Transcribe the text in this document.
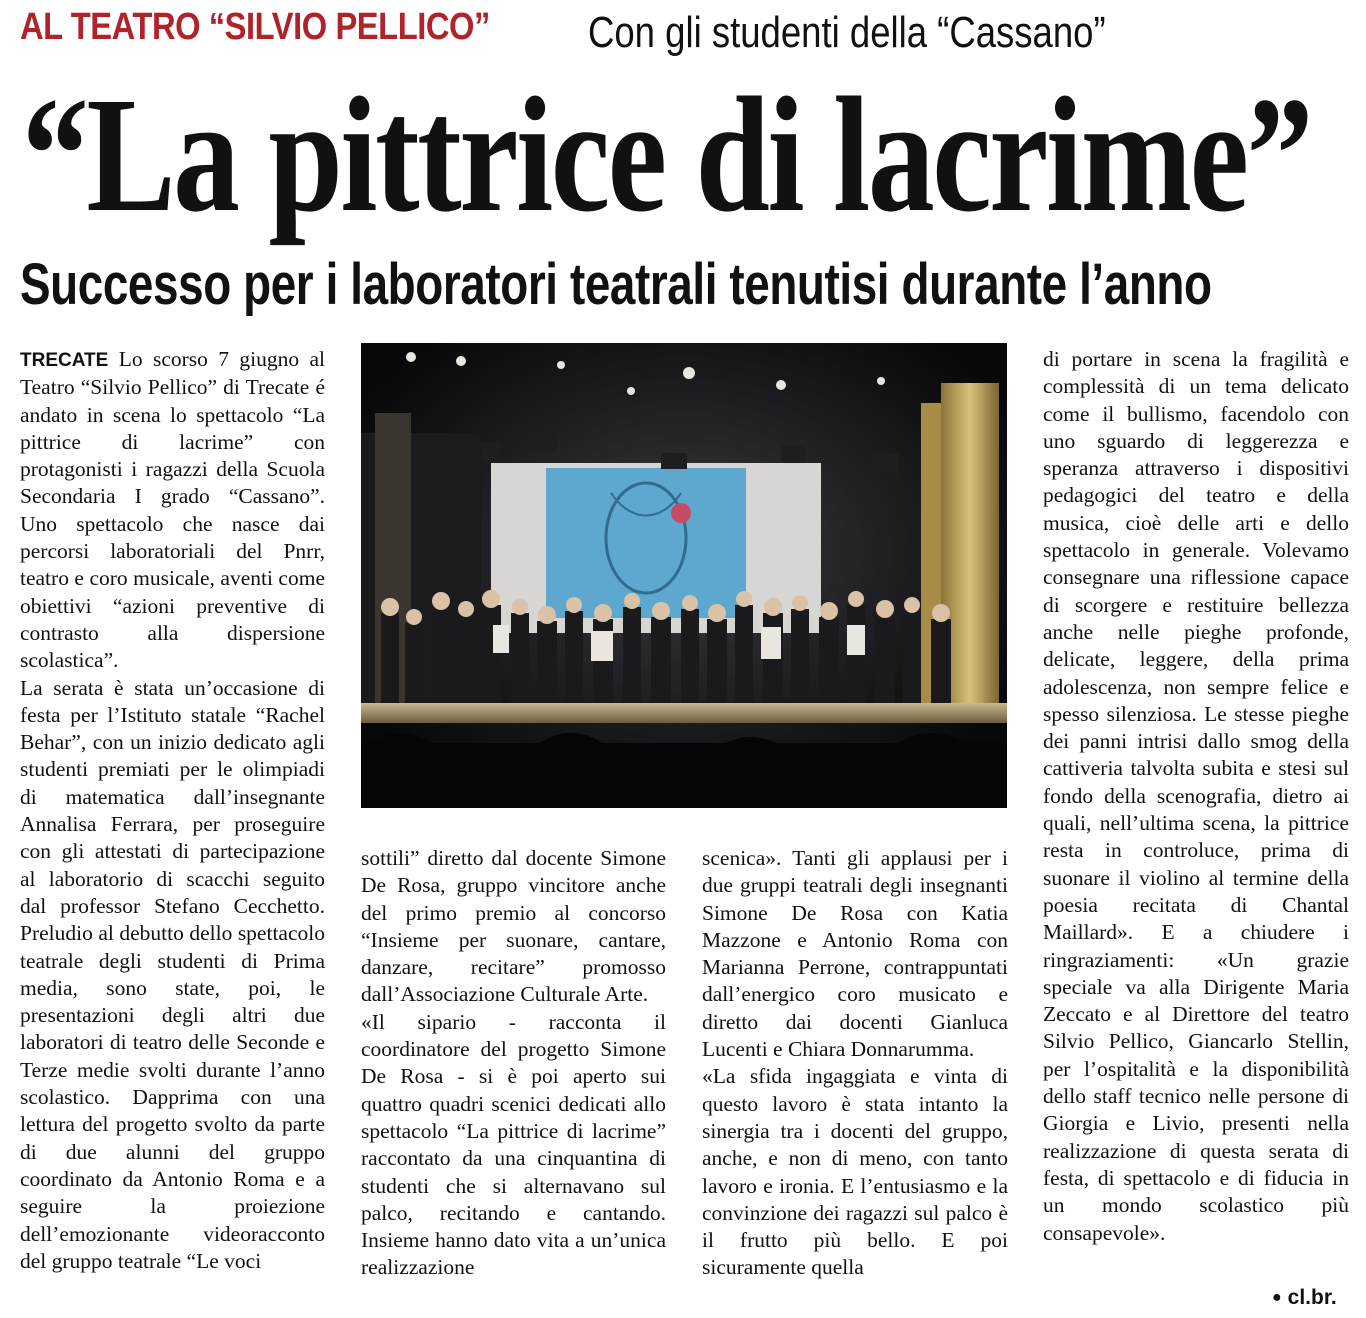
AL TEATRO “SILVIO PELLICO” Con gli studenti della “Cassano”
“La pittrice di lacrime”
Successo per i laboratori teatrali tenutisi durante l’anno

TRECATE Lo scorso 7 giugno al Teatro “Silvio Pellico” di Trecate é andato in scena lo spettacolo “La pittrice di lacrime” con protagonisti i ragazzi della Scuola Secondaria I grado “Cassano”. Uno spettacolo che nasce dai percorsi laboratoriali del Pnrr, teatro e coro musicale, aventi come obiettivi “azioni preventive di contrasto alla dispersione scolastica”.

La serata è stata un’occasione di festa per l’Istituto statale “Rachel Behar”, con un inizio dedicato agli studenti premiati per le olimpiadi di matematica dall’insegnante Annalisa Ferrara, per proseguire con gli attestati di partecipazione al laboratorio di scacchi seguito dal professor Stefano Cecchetto. Preludio al debutto dello spettacolo teatrale degli studenti di Prima media, sono state, poi, le presentazioni degli altri due laboratori di teatro delle Seconde e Terze medie svolti durante l’anno scolastico. Dapprima con una lettura del progetto svolto da parte di due alunni del gruppo coordinato da Antonio Roma e a seguire la proiezione dell’emozionante videoracconto del gruppo teatrale “Le voci

sottili” diretto dal docente Simone De Rosa, gruppo vincitore anche del primo premio al concorso “Insieme per suonare, cantare, danzare, recitare” promosso dall’Associazione Culturale Arte.

«Il sipario - racconta il coordinatore del progetto Simone De Rosa - si è poi aperto sui quattro quadri scenici dedicati allo spettacolo “La pittrice di lacrime” raccontato da una cinquantina di studenti che si alternavano sul palco, recitando e cantando. Insieme hanno dato vita a un’unica realizzazione

scenica». Tanti gli applausi per i due gruppi teatrali degli insegnanti Simone De Rosa con Katia Mazzone e Antonio Roma con Marianna Perrone, contrappuntati dall’energico coro musicato e diretto dai docenti Gianluca Lucenti e Chiara Donnarumma.

«La sfida ingaggiata e vinta di questo lavoro è stata intanto la sinergia tra i docenti del gruppo, anche, e non di meno, con tanto lavoro e ironia. E l’entusiasmo e la convinzione dei ragazzi sul palco è il frutto più bello. E poi sicuramente quella

di portare in scena la fragilità e complessità di un tema delicato come il bullismo, facendolo con uno sguardo di leggerezza e speranza attraverso i dispositivi pedagogici del teatro e della musica, cioè delle arti e dello spettacolo in generale. Volevamo consegnare una riflessione capace di scorgere e restituire bellezza anche nelle pieghe profonde, delicate, leggere, della prima adolescenza, non sempre felice e spesso silenziosa. Le stesse pieghe dei panni intrisi dallo smog della cattiveria talvolta subita e stesi sul fondo della scenografia, dietro ai quali, nell’ultima scena, la pittrice resta in controluce, prima di suonare il violino al termine della poesia recitata di Chantal Maillard». E a chiudere i ringraziamenti: «Un grazie speciale va alla Dirigente Maria Zeccato e al Direttore del teatro Silvio Pellico, Giancarlo Stellin, per l’ospitalità e la disponibilità dello staff tecnico nelle persone di Giorgia e Livio, presenti nella realizzazione di questa serata di festa, di spettacolo e di fiducia in un mondo scolastico più consapevole».

● cl.br.
